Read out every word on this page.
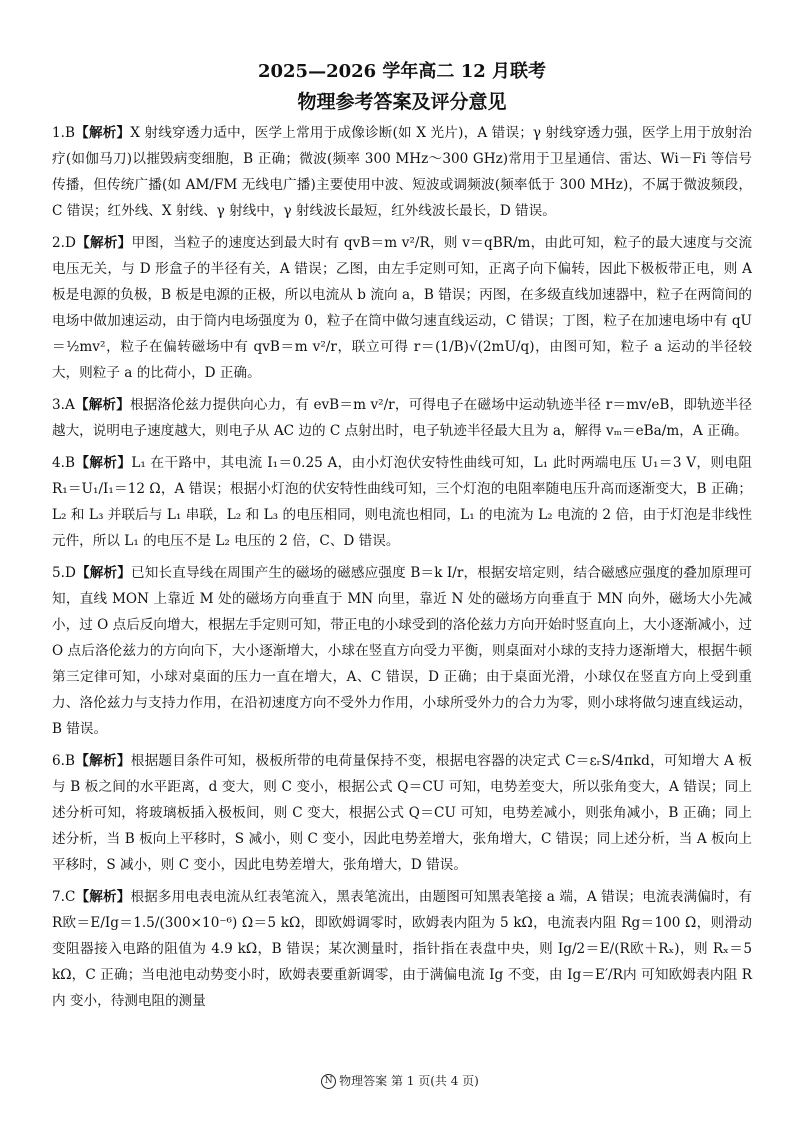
2025—2026 学年高二 12 月联考
物理参考答案及评分意见

1.B【解析】X 射线穿透力适中，医学上常用于成像诊断(如 X 光片)，A 错误；γ 射线穿透力强，医学上用于放射治疗(如伽马刀)以摧毁病变细胞，B 正确；微波(频率 300 MHz～300 GHz)常用于卫星通信、雷达、Wi－Fi 等信号传播，但传统广播(如 AM/FM 无线电广播)主要使用中波、短波或调频波(频率低于 300 MHz)，不属于微波频段，C 错误；红外线、X 射线、γ 射线中，γ 射线波长最短，红外线波长最长，D 错误。

2.D【解析】甲图，当粒子的速度达到最大时有 qvB＝m v²/R，则 v＝qBR/m，由此可知，粒子的最大速度与交流电压无关，与 D 形盒子的半径有关，A 错误；乙图，由左手定则可知，正离子向下偏转，因此下极板带正电，则 A 板是电源的负极，B 板是电源的正极，所以电流从 b 流向 a，B 错误；丙图，在多级直线加速器中，粒子在两筒间的电场中做加速运动，由于筒内电场强度为 0，粒子在筒中做匀速直线运动，C 错误；丁图，粒子在加速电场中有 qU＝½mv²，粒子在偏转磁场中有 qvB＝m v²/r，联立可得 r＝(1/B)√(2mU/q)，由图可知，粒子 a 运动的半径较大，则粒子 a 的比荷小，D 正确。

3.A【解析】根据洛伦兹力提供向心力，有 evB＝m v²/r，可得电子在磁场中运动轨迹半径 r＝mv/eB，即轨迹半径越大，说明电子速度越大，则电子从 AC 边的 C 点射出时，电子轨迹半径最大且为 a，解得 vₘ＝eBa/m，A 正确。

4.B【解析】L₁ 在干路中，其电流 I₁＝0.25 A，由小灯泡伏安特性曲线可知，L₁ 此时两端电压 U₁＝3 V，则电阻 R₁＝U₁/I₁＝12 Ω，A 错误；根据小灯泡的伏安特性曲线可知，三个灯泡的电阻率随电压升高而逐渐变大，B 正确；L₂ 和 L₃ 并联后与 L₁ 串联，L₂ 和 L₃ 的电压相同，则电流也相同，L₁ 的电流为 L₂ 电流的 2 倍，由于灯泡是非线性元件，所以 L₁ 的电压不是 L₂ 电压的 2 倍，C、D 错误。

5.D【解析】已知长直导线在周围产生的磁场的磁感应强度 B＝k I/r，根据安培定则，结合磁感应强度的叠加原理可知，直线 MON 上靠近 M 处的磁场方向垂直于 MN 向里，靠近 N 处的磁场方向垂直于 MN 向外，磁场大小先减小，过 O 点后反向增大，根据左手定则可知，带正电的小球受到的洛伦兹力方向开始时竖直向上，大小逐渐减小，过 O 点后洛伦兹力的方向向下，大小逐渐增大，小球在竖直方向受力平衡，则桌面对小球的支持力逐渐增大，根据牛顿第三定律可知，小球对桌面的压力一直在增大，A、C 错误，D 正确；由于桌面光滑，小球仅在竖直方向上受到重力、洛伦兹力与支持力作用，在沿初速度方向不受外力作用，小球所受外力的合力为零，则小球将做匀速直线运动，B 错误。

6.B【解析】根据题目条件可知，极板所带的电荷量保持不变，根据电容器的决定式 C＝εᵣS/4πkd，可知增大 A 板与 B 板之间的水平距离，d 变大，则 C 变小，根据公式 Q＝CU 可知，电势差变大，所以张角变大，A 错误；同上述分析可知，将玻璃板插入极板间，则 C 变大，根据公式 Q＝CU 可知，电势差减小，则张角减小，B 正确；同上述分析，当 B 板向上平移时，S 减小，则 C 变小，因此电势差增大，张角增大，C 错误；同上述分析，当 A 板向上平移时，S 减小，则 C 变小，因此电势差增大，张角增大，D 错误。

7.C【解析】根据多用电表电流从红表笔流入，黑表笔流出，由题图可知黑表笔接 a 端，A 错误；电流表满偏时，有 R欧＝E/Ig＝1.5/(300×10⁻⁶) Ω＝5 kΩ，即欧姆调零时，欧姆表内阻为 5 kΩ，电流表内阻 Rg＝100 Ω，则滑动变阻器接入电路的阻值为 4.9 kΩ，B 错误；某次测量时，指针指在表盘中央，则 Ig/2＝E/(R欧＋Rₓ)，则 Rₓ＝5 kΩ，C 正确；当电池电动势变小时，欧姆表要重新调零，由于满偏电流 Ig 不变，由 Ig＝E′/R内 可知欧姆表内阻 R内 变小，待测电阻的测量

N 物理答案 第 1 页(共 4 页)
